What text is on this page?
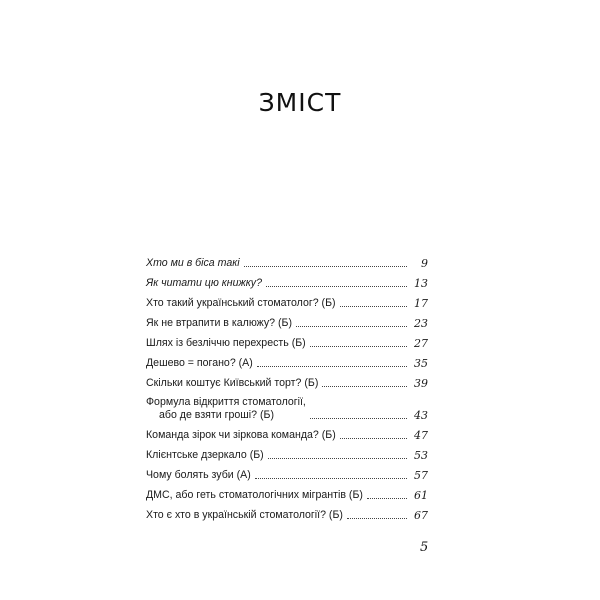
ЗМІСТ
Хто ми в біса такі	9
Як читати цю книжку?	13
Хто такий український стоматолог? (Б)	17
Як не втрапити в калюжу? (Б)	23
Шлях із безліччю перехресть (Б)	27
Дешево = погано? (А)	35
Скільки коштує Київський торт? (Б)	39
Формула відкриття стоматології,
або де взяти гроші? (Б)	43
Команда зірок чи зіркова команда? (Б)	47
Клієнтське дзеркало (Б)	53
Чому болять зуби (А)	57
ДМС, або геть стоматологічних мігрантів (Б)	61
Хто є хто в українській стоматології? (Б)	67
5
